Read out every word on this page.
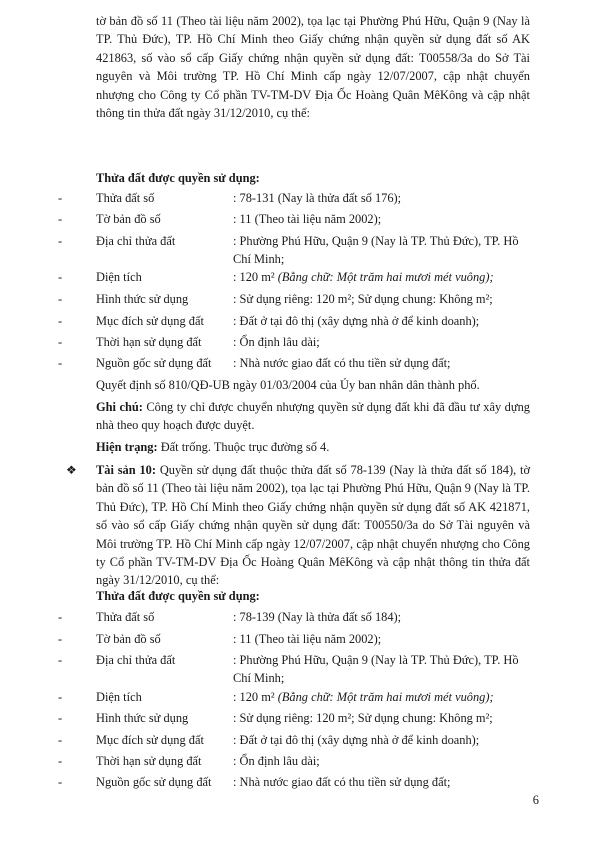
tờ bản đồ số 11 (Theo tài liệu năm 2002), tọa lạc tại Phường Phú Hữu, Quận 9 (Nay là TP. Thủ Đức), TP. Hồ Chí Minh theo Giấy chứng nhận quyền sử dụng đất số AK 421863, số vào sổ cấp Giấy chứng nhận quyền sử dụng đất: T00558/3a do Sở Tài nguyên và Môi trường TP. Hồ Chí Minh cấp ngày 12/07/2007, cập nhật chuyển nhượng cho Công ty Cổ phần TV-TM-DV Địa Ốc Hoàng Quân MêKông và cập nhật thông tin thửa đất ngày 31/12/2010, cụ thể:
Thửa đất được quyền sử dụng:
-	Thửa đất số	: 78-131 (Nay là thửa đất số 176);
-	Tờ bản đồ số	: 11 (Theo tài liệu năm 2002);
-	Địa chỉ thửa đất	: Phường Phú Hữu, Quận 9 (Nay là TP. Thủ Đức), TP. Hồ Chí Minh;
-	Diện tích	: 120 m² (Bằng chữ: Một trăm hai mươi mét vuông);
-	Hình thức sử dụng	: Sử dụng riêng: 120 m²; Sử dụng chung: Không m²;
-	Mục đích sử dụng đất	: Đất ở tại đô thị (xây dựng nhà ở để kinh doanh);
-	Thời hạn sử dụng đất	: Ổn định lâu dài;
-	Nguồn gốc sử dụng đất	: Nhà nước giao đất có thu tiền sử dụng đất;
Quyết định số 810/QĐ-UB ngày 01/03/2004 của Ủy ban nhân dân thành phố.
Ghi chú: Công ty chỉ được chuyển nhượng quyền sử dụng đất khi đã đầu tư xây dựng nhà theo quy hoạch được duyệt.
Hiện trạng: Đất trống. Thuộc trục đường số 4.
❖	Tài sản 10: Quyền sử dụng đất thuộc thửa đất số 78-139 (Nay là thửa đất số 184), tờ bản đồ số 11 (Theo tài liệu năm 2002), tọa lạc tại Phường Phú Hữu, Quận 9 (Nay là TP. Thủ Đức), TP. Hồ Chí Minh theo Giấy chứng nhận quyền sử dụng đất số AK 421871, số vào sổ cấp Giấy chứng nhận quyền sử dụng đất: T00550/3a do Sở Tài nguyên và Môi trường TP. Hồ Chí Minh cấp ngày 12/07/2007, cập nhật chuyển nhượng cho Công ty Cổ phần TV-TM-DV Địa Ốc Hoàng Quân MêKông và cập nhật thông tin thửa đất ngày 31/12/2010, cụ thể:
Thửa đất được quyền sử dụng:
-	Thửa đất số	: 78-139 (Nay là thửa đất số 184);
-	Tờ bản đồ số	: 11 (Theo tài liệu năm 2002);
-	Địa chỉ thửa đất	: Phường Phú Hữu, Quận 9 (Nay là TP. Thủ Đức), TP. Hồ Chí Minh;
-	Diện tích	: 120 m² (Bằng chữ: Một trăm hai mươi mét vuông);
-	Hình thức sử dụng	: Sử dụng riêng: 120 m²; Sử dụng chung: Không m²;
-	Mục đích sử dụng đất	: Đất ở tại đô thị (xây dựng nhà ở để kinh doanh);
-	Thời hạn sử dụng đất	: Ổn định lâu dài;
-	Nguồn gốc sử dụng đất	: Nhà nước giao đất có thu tiền sử dụng đất;
6
